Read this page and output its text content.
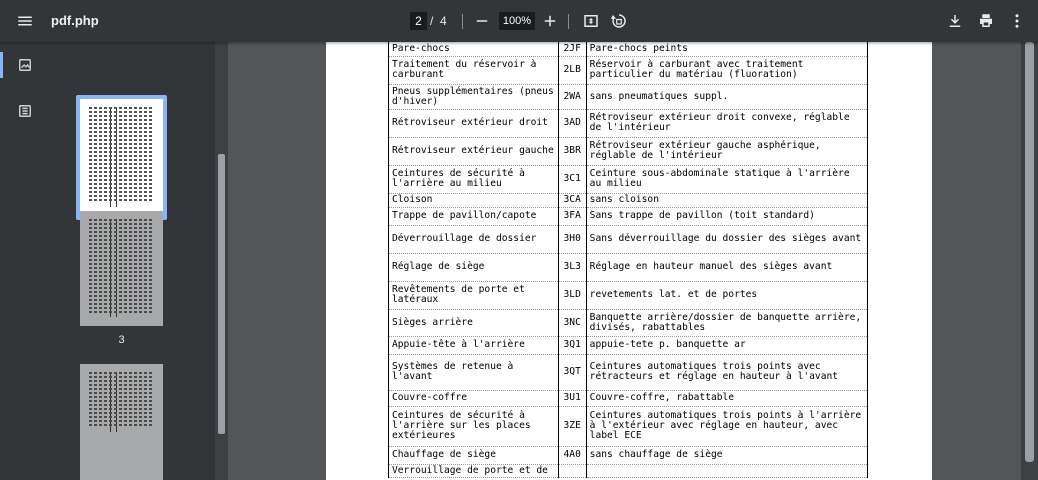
pdf.php	2 / 4	100%
3
Pare-chocs	2JF	Pare-chocs peints
Traitement du réservoir à carburant	2LB	Réservoir à carburant avec traitement particulier du matériau (fluoration)
Pneus supplémentaires (pneus d'hiver)	2WA	sans pneumatiques suppl.
Rétroviseur extérieur droit	3AD	Rétroviseur extérieur droit convexe, réglable de l'intérieur
Rétroviseur extérieur gauche	3BR	Rétroviseur extérieur gauche asphérique, réglable de l'intérieur
Ceintures de sécurité à l'arrière au milieu	3C1	Ceinture sous-abdominale statique à l'arrière au milieu
Cloison	3CA	sans cloison
Trappe de pavillon/capote	3FA	Sans trappe de pavillon (toit standard)
Déverrouillage de dossier	3H0	Sans déverrouillage du dossier des sièges avant
Réglage de siège	3L3	Réglage en hauteur manuel des sièges avant
Revêtements de porte et latéraux	3LD	revetements lat. et de portes
Sièges arrière	3NC	Banquette arrière/dossier de banquette arrière, divisés, rabattables
Appuie-tête à l'arrière	3Q1	appuie-tete p. banquette ar
Systèmes de retenue à l'avant	3QT	Ceintures automatiques trois points avec rétracteurs et réglage en hauteur à l'avant
Couvre-coffre	3U1	Couvre-coffre, rabattable
Ceintures de sécurité à l'arrière sur les places extérieures	3ZE	Ceintures automatiques trois points à l'arrière à l'extérieur avec réglage en hauteur, avec label ECE
Chauffage de siège	4A0	sans chauffage de siège
Verrouillage de porte et de		
